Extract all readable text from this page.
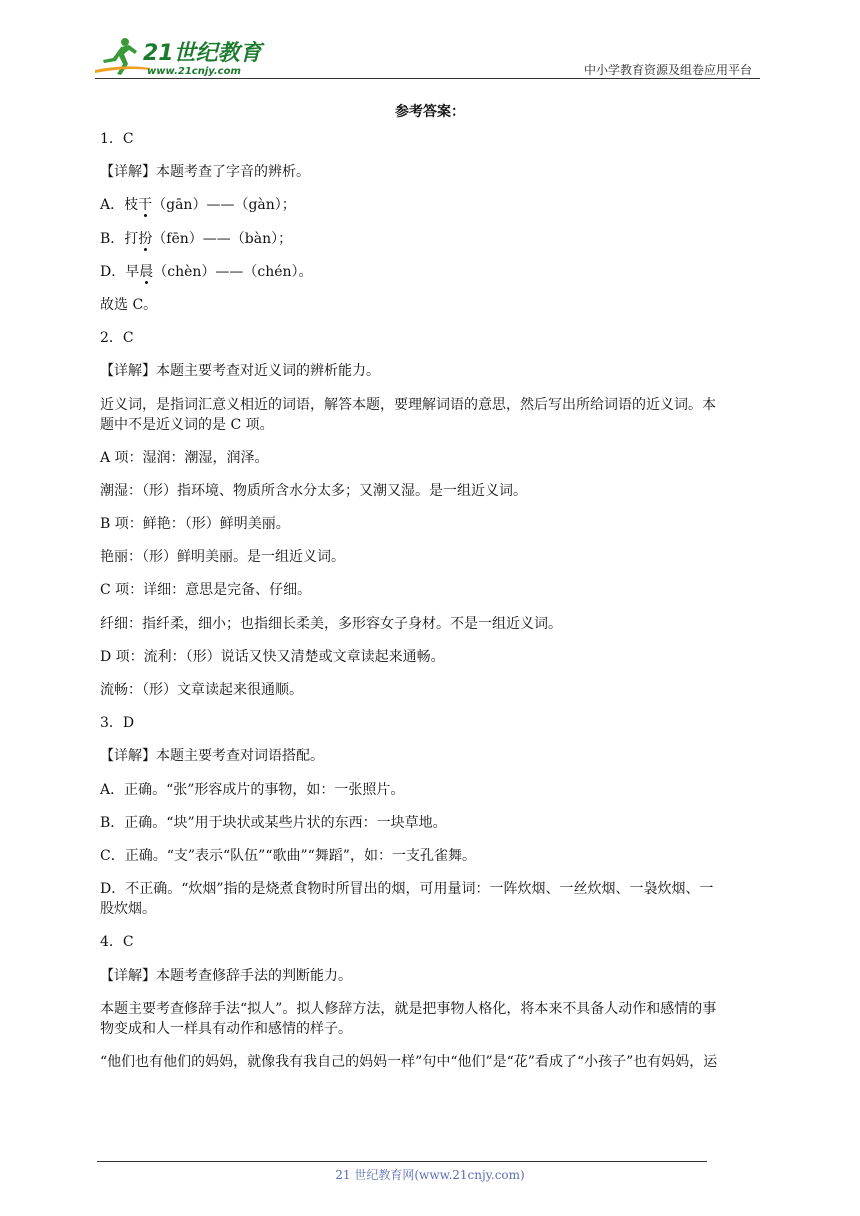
21世纪教育
www.21cnjy.com	中小学教育资源及组卷应用平台
参考答案：
1．C
【详解】本题考查了字音的辨析。
A．枝干（gān）——（gàn）；
B．打扮（fēn）——（bàn）；
D．早晨（chèn）——（chén）。
故选 C。
2．C
【详解】本题主要考查对近义词的辨析能力。
近义词，是指词汇意义相近的词语，解答本题，要理解词语的意思，然后写出所给词语的近义词。本
题中不是近义词的是 C 项。
A 项：湿润：潮湿，润泽。
潮湿：（形）指环境、物质所含水分太多；又潮又湿。是一组近义词。
B 项：鲜艳：（形）鲜明美丽。
艳丽：（形）鲜明美丽。是一组近义词。
C 项：详细：意思是完备、仔细。
纤细：指纤柔，细小；也指细长柔美，多形容女子身材。不是一组近义词。
D 项：流利：（形）说话又快又清楚或文章读起来通畅。
流畅：（形）文章读起来很通顺。
3．D
【详解】本题主要考查对词语搭配。
A．正确。“张”形容成片的事物，如：一张照片。
B．正确。“块”用于块状或某些片状的东西：一块草地。
C．正确。“支”表示“队伍”“歌曲”“舞蹈”，如：一支孔雀舞。
D．不正确。“炊烟”指的是烧煮食物时所冒出的烟，可用量词：一阵炊烟、一丝炊烟、一袅炊烟、一
股炊烟。
4．C
【详解】本题考查修辞手法的判断能力。
本题主要考查修辞手法“拟人”。拟人修辞方法，就是把事物人格化，将本来不具备人动作和感情的事
物变成和人一样具有动作和感情的样子。
“他们也有他们的妈妈，就像我有我自己的妈妈一样”句中“他们”是“花”看成了“小孩子”也有妈妈，运
21 世纪教育网(www.21cnjy.com)
